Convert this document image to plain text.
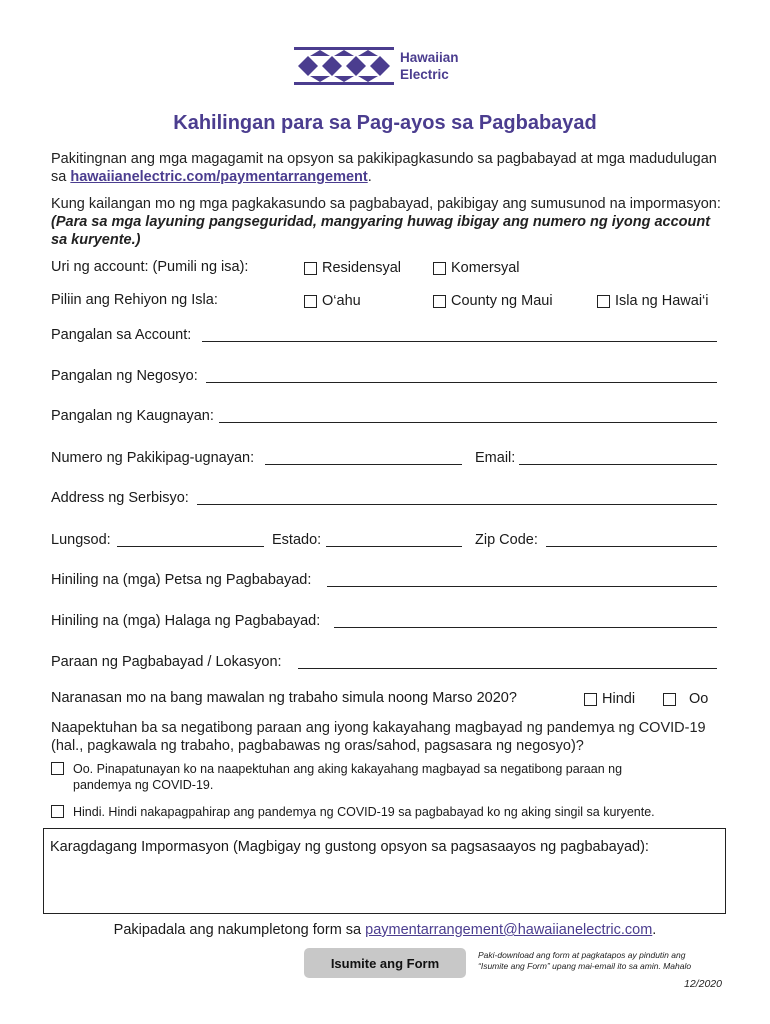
Hawaiian
Electric
Kahilingan para sa Pag-ayos sa Pagbabayad
Pakitingnan ang mga magagamit na opsyon sa pakikipagkasundo sa pagbabayad at mga madudulugan sa hawaiianelectric.com/paymentarrangement.
Kung kailangan mo ng mga pagkakasundo sa pagbabayad, pakibigay ang sumusunod na impormasyon: (Para sa mga layuning pangseguridad, mangyaring huwag ibigay ang numero ng iyong account sa kuryente.)
Uri ng account: (Pumili ng isa):	Residensyal	Komersyal
Piliin ang Rehiyon ng Isla:	O‘ahu	County ng Maui	Isla ng Hawai‘i
Pangalan sa Account:
Pangalan ng Negosyo:
Pangalan ng Kaugnayan:
Numero ng Pakikipag-ugnayan:	Email:
Address ng Serbisyo:
Lungsod:	Estado:	Zip Code:
Hiniling na (mga) Petsa ng Pagbabayad:
Hiniling na (mga) Halaga ng Pagbabayad:
Paraan ng Pagbabayad / Lokasyon:
Naranasan mo na bang mawalan ng trabaho simula noong Marso 2020?	Hindi	Oo
Naapektuhan ba sa negatibong paraan ang iyong kakayahang magbayad ng pandemya ng COVID-19 (hal., pagkawala ng trabaho, pagbabawas ng oras/sahod, pagsasara ng negosyo)?
Oo. Pinapatunayan ko na naapektuhan ang aking kakayahang magbayad sa negatibong paraan ng pandemya ng COVID-19.
Hindi. Hindi nakapagpahirap ang pandemya ng COVID-19 sa pagbabayad ko ng aking singil sa kuryente.
Karagdagang Impormasyon (Magbigay ng gustong opsyon sa pagsasaayos ng pagbabayad):
Pakipadala ang nakumpletong form sa paymentarrangement@hawaiianelectric.com.
Isumite ang Form
Paki-download ang form at pagkatapos ay pindutin ang
“Isumite ang Form” upang mai-email ito sa amin. Mahalo
12/2020
